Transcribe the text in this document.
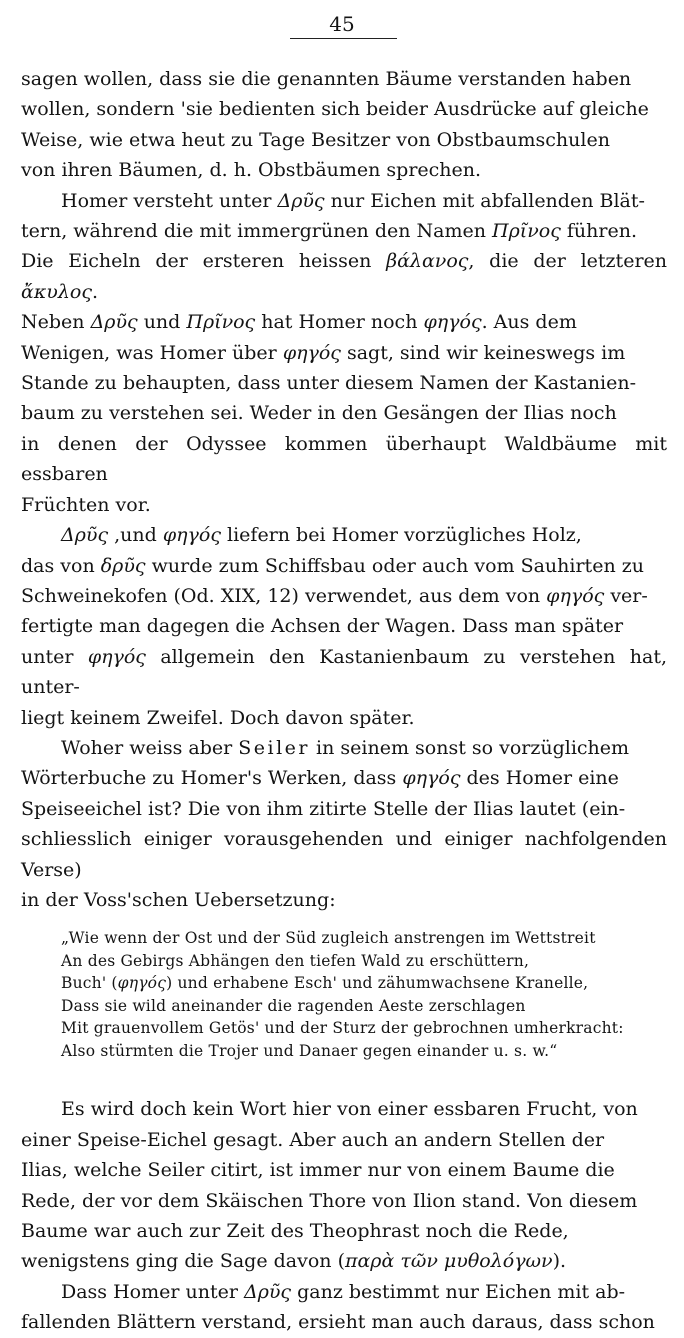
45

sagen wollen, dass sie die genannten Bäume verstanden haben
wollen, sondern 'sie bedienten sich beider Ausdrücke auf gleiche
Weise, wie etwa heut zu Tage Besitzer von Obstbaumschulen
von ihren Bäumen, d. h. Obstbäumen sprechen.

Homer versteht unter Δρῦς nur Eichen mit abfallenden Blät-
tern, während die mit immergrünen den Namen Πρῖνος führen.
Die Eicheln der ersteren heissen βάλανος, die der letzteren ἄκυλος.
Neben Δρῦς und Πρῖνος hat Homer noch φηγός. Aus dem
Wenigen, was Homer über φηγός sagt, sind wir keineswegs im
Stande zu behaupten, dass unter diesem Namen der Kastanien-
baum zu verstehen sei. Weder in den Gesängen der Ilias noch
in denen der Odyssee kommen überhaupt Waldbäume mit essbaren
Früchten vor.

Δρῦς ,und φηγός liefern bei Homer vorzügliches Holz,
das von δρῦς wurde zum Schiffsbau oder auch vom Sauhirten zu
Schweinekofen (Od. XIX, 12) verwendet, aus dem von φηγός ver-
fertigte man dagegen die Achsen der Wagen. Dass man später
unter φηγός allgemein den Kastanienbaum zu verstehen hat, unter-
liegt keinem Zweifel. Doch davon später.

Woher weiss aber Seiler in seinem sonst so vorzüglichem
Wörterbuche zu Homer's Werken, dass φηγός des Homer eine
Speiseeichel ist? Die von ihm zitirte Stelle der Ilias lautet (ein-
schliesslich einiger vorausgehenden und einiger nachfolgenden Verse)
in der Voss'schen Uebersetzung:

„Wie wenn der Ost und der Süd zugleich anstrengen im Wettstreit
An des Gebirgs Abhängen den tiefen Wald zu erschüttern,
Buch' (φηγός) und erhabene Esch' und zähumwachsene Kranelle,
Dass sie wild aneinander die ragenden Aeste zerschlagen
Mit grauenvollem Getös' und der Sturz der gebrochnen umherkracht:
Also stürmten die Trojer und Danaer gegen einander u. s. w.“

Es wird doch kein Wort hier von einer essbaren Frucht, von
einer Speise-Eichel gesagt. Aber auch an andern Stellen der
Ilias, welche Seiler citirt, ist immer nur von einem Baume die
Rede, der vor dem Skäischen Thore von Ilion stand. Von diesem
Baume war auch zur Zeit des Theophrast noch die Rede,
wenigstens ging die Sage davon (παρὰ τῶν μυθολόγων).

Dass Homer unter Δρῦς ganz bestimmt nur Eichen mit ab-
fallenden Blättern verstand, ersieht man auch daraus, dass schon
